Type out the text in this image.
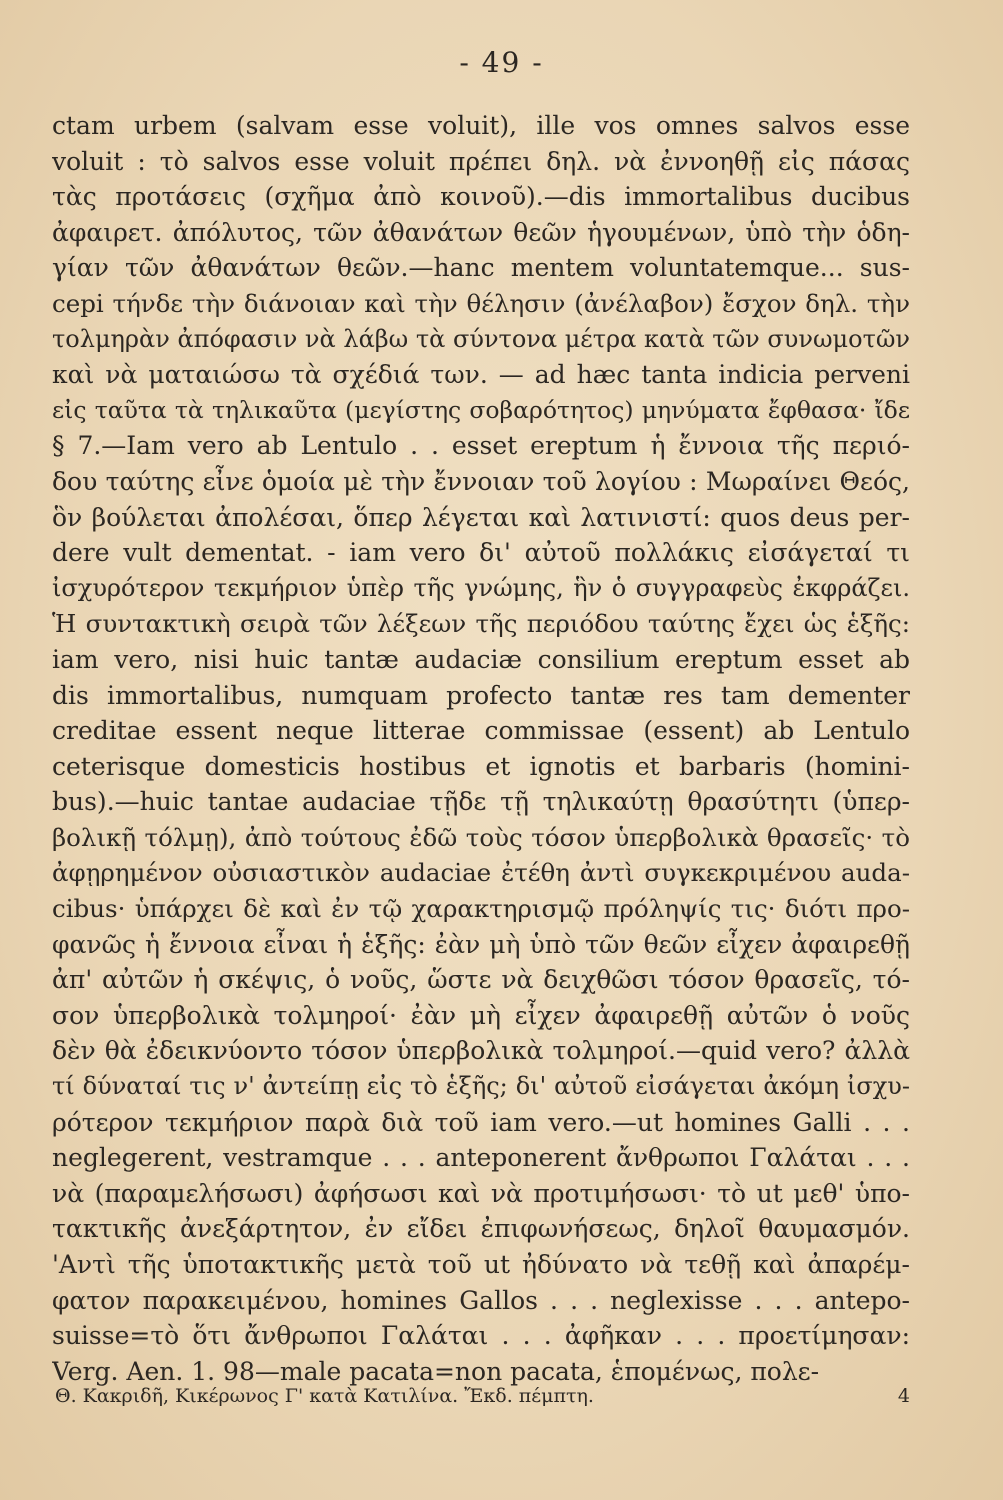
- 49 -
ctam urbem (salvam esse voluit), ille vos omnes salvos esse
voluit : τὸ salvos esse voluit πρέπει δηλ. νὰ ἐννοηθῇ εἰς πάσας
τὰς προτάσεις (σχῆμα ἀπὸ κοινοῦ).—dis immortalibus ducibus
ἀφαιρετ. ἀπόλυτος, τῶν ἀθανάτων θεῶν ἡγουμένων, ὑπὸ τὴν ὁδη-
γίαν τῶν ἀθανάτων θεῶν.—hanc mentem voluntatemque... sus-
cepi τήνδε τὴν διάνοιαν καὶ τὴν θέλησιν (ἀνέλαβον) ἔσχον δηλ. τὴν
τολμηρὰν ἀπόφασιν νὰ λάβω τὰ σύντονα μέτρα κατὰ τῶν συνωμοτῶν
καὶ νὰ ματαιώσω τὰ σχέδιά των. — ad hæc tanta indicia perveni
εἰς ταῦτα τὰ τηλικαῦτα (μεγίστης σοβαρότητος) μηνύματα ἔφθασα· ἴδε
§ 7.—Iam vero ab Lentulo . . esset ereptum ἡ ἔννοια τῆς περιό-
δου ταύτης εἶνε ὁμοία μὲ τὴν ἔννοιαν τοῦ λογίου : Μωραίνει Θεός,
ὃν βούλεται ἀπολέσαι, ὅπερ λέγεται καὶ λατινιστί: quos deus per-
dere vult dementat. - iam vero δι' αὐτοῦ πολλάκις εἰσάγεταί τι
ἰσχυρότερον τεκμήριον ὑπὲρ τῆς γνώμης, ἣν ὁ συγγραφεὺς ἐκφράζει.
Ἡ συντακτικὴ σειρὰ τῶν λέξεων τῆς περιόδου ταύτης ἔχει ὡς ἑξῆς:
iam vero, nisi huic tantæ audaciæ consilium ereptum esset ab
dis immortalibus, numquam profecto tantæ res tam dementer
creditae essent neque litterae commissae (essent) ab Lentulo
ceterisque domesticis hostibus et ignotis et barbaris (homini-
bus).—huic tantae audaciae τῇδε τῇ τηλικαύτῃ θρασύτητι (ὑπερ-
βολικῇ τόλμῃ), ἀπὸ τούτους ἐδῶ τοὺς τόσον ὑπερβολικὰ θρασεῖς· τὸ
ἀφῃρημένον οὐσιαστικὸν audaciae ἐτέθη ἀντὶ συγκεκριμένου auda-
cibus· ὑπάρχει δὲ καὶ ἐν τῷ χαρακτηρισμῷ πρόληψίς τις· διότι προ-
φανῶς ἡ ἔννοια εἶναι ἡ ἑξῆς: ἐὰν μὴ ὑπὸ τῶν θεῶν εἶχεν ἀφαιρεθῇ
ἀπ' αὐτῶν ἡ σκέψις, ὁ νοῦς, ὥστε νὰ δειχθῶσι τόσον θρασεῖς, τό-
σον ὑπερβολικὰ τολμηροί· ἐὰν μὴ εἶχεν ἀφαιρεθῇ αὐτῶν ὁ νοῦς
δὲν θὰ ἐδεικνύοντο τόσον ὑπερβολικὰ τολμηροί.—quid vero? ἀλλὰ
τί δύναταί τις ν' ἀντείπῃ εἰς τὸ ἑξῆς; δι' αὐτοῦ εἰσάγεται ἀκόμη ἰσχυ-
ρότερον τεκμήριον παρὰ διὰ τοῦ iam vero.—ut homines Galli . . .
neglegerent, vestramque . . . anteponerent ἄνθρωποι Γαλάται . . .
νὰ (παραμελήσωσι) ἀφήσωσι καὶ νὰ προτιμήσωσι· τὸ ut μεθ' ὑπο-
τακτικῆς ἀνεξάρτητον, ἐν εἴδει ἐπιφωνήσεως, δηλοῖ θαυμασμόν.
'Αντὶ τῆς ὑποτακτικῆς μετὰ τοῦ ut ἠδύνατο νὰ τεθῇ καὶ ἀπαρέμ-
φατον παρακειμένου, homines Gallos . . . neglexisse . . . antepo-
suisse=τὸ ὅτι ἄνθρωποι Γαλάται . . . ἀφῆκαν . . . προετίμησαν:
Verg. Aen. 1. 98—male pacata=non pacata, ἑπομένως, πολε-
Θ. Κακριδῆ, Κικέρωνος Γ' κατὰ Κατιλίνα. Ἔκδ. πέμπτη.	4
